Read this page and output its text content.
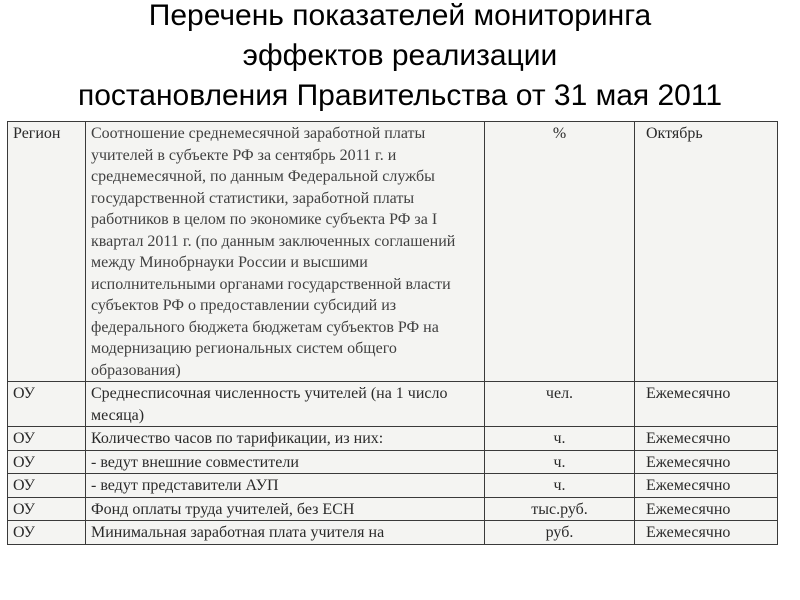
Перечень показателей мониторинга
эффектов реализации
постановления Правительства от 31 мая 2011
Регион	Соотношение среднемесячной заработной платы учителей в субъекте РФ за сентябрь 2011 г. и среднемесячной, по данным Федеральной службы государственной статистики, заработной платы работников в целом по экономике субъекта РФ за I квартал 2011 г. (по данным заключенных соглашений между Минобрнауки России и высшими исполнительными органами государственной власти субъектов РФ о предоставлении субсидий из федерального бюджета бюджетам субъектов РФ на модернизацию региональных систем общего образования)	%	Октябрь
ОУ	Среднесписочная численность учителей (на 1 число месяца)	чел.	Ежемесячно
ОУ	Количество часов по тарификации, из них:	ч.	Ежемесячно
ОУ	- ведут внешние совместители	ч.	Ежемесячно
ОУ	- ведут представители АУП	ч.	Ежемесячно
ОУ	Фонд оплаты труда учителей, без ЕСН	тыс.руб.	Ежемесячно
ОУ	Минимальная заработная плата учителя на	руб.	Ежемесячно
